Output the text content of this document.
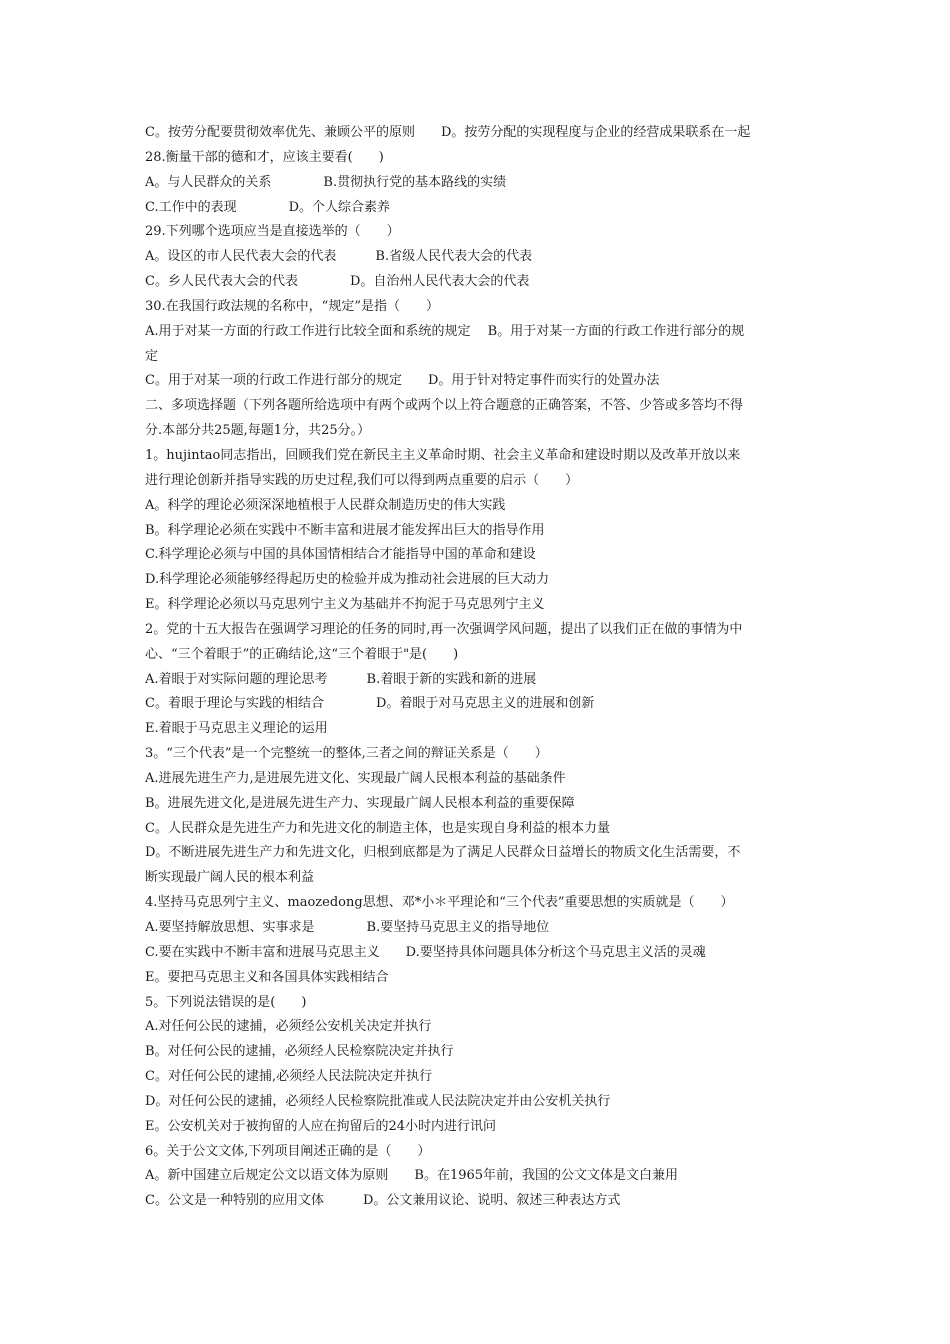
C。按劳分配要贯彻效率优先、兼顾公平的原则　　D。按劳分配的实现程度与企业的经营成果联系在一起
28.衡量干部的德和才，应该主要看(　　)
A。与人民群众的关系　　　　B.贯彻执行党的基本路线的实绩
C.工作中的表现　　　　D。个人综合素养
29.下列哪个选项应当是直接选举的（　　）
A。设区的市人民代表大会的代表　　　B.省级人民代表大会的代表
C。乡人民代表大会的代表　　　　D。自治州人民代表大会的代表
30.在我国行政法规的名称中，“规定”是指（　　）
A.用于对某一方面的行政工作进行比较全面和系统的规定　 B。用于对某一方面的行政工作进行部分的规
定
C。用于对某一项的行政工作进行部分的规定　　D。用于针对特定事件而实行的处置办法
二、多项选择题（下列各题所给选项中有两个或两个以上符合题意的正确答案，不答、少答或多答均不得
分.本部分共25题,每题1分，共25分。）
1。hujintao同志指出，回顾我们党在新民主主义革命时期、社会主义革命和建设时期以及改革开放以来
进行理论创新并指导实践的历史过程,我们可以得到两点重要的启示（　　）
A。科学的理论必须深深地植根于人民群众制造历史的伟大实践
B。科学理论必须在实践中不断丰富和进展才能发挥出巨大的指导作用
C.科学理论必须与中国的具体国情相结合才能指导中国的革命和建设
D.科学理论必须能够经得起历史的检验并成为推动社会进展的巨大动力
E。科学理论必须以马克思列宁主义为基础并不拘泥于马克思列宁主义
2。党的十五大报告在强调学习理论的任务的同时,再一次强调学风问题，提出了以我们正在做的事情为中
心、“三个着眼于”的正确结论,这“三个着眼于"是(　　)
A.着眼于对实际问题的理论思考　　　B.着眼于新的实践和新的进展
C。着眼于理论与实践的相结合　　　　D。着眼于对马克思主义的进展和创新
E.着眼于马克思主义理论的运用
3。“三个代表”是一个完整统一的整体,三者之间的辩证关系是（　　）
A.进展先进生产力,是进展先进文化、实现最广阔人民根本利益的基础条件
B。进展先进文化,是进展先进生产力、实现最广阔人民根本利益的重要保障
C。人民群众是先进生产力和先进文化的制造主体，也是实现自身利益的根本力量
D。不断进展先进生产力和先进文化，归根到底都是为了满足人民群众日益增长的物质文化生活需要，不
断实现最广阔人民的根本利益
4.坚持马克思列宁主义、maozedong思想、邓*小＊平理论和“三个代表”重要思想的实质就是（　　）
A.要坚持解放思想、实事求是　　　　B.要坚持马克思主义的指导地位
C.要在实践中不断丰富和进展马克思主义　　D.要坚持具体问题具体分析这个马克思主义活的灵魂
E。要把马克思主义和各国具体实践相结合
5。下列说法错误的是(　　)
A.对任何公民的逮捕，必须经公安机关决定并执行
B。对任何公民的逮捕，必须经人民检察院决定并执行
C。对任何公民的逮捕,必须经人民法院决定并执行
D。对任何公民的逮捕，必须经人民检察院批准或人民法院决定并由公安机关执行
E。公安机关对于被拘留的人应在拘留后的24小时内进行讯问
6。关于公文文体,下列项目阐述正确的是（　　）
A。新中国建立后规定公文以语文体为原则　　B。在1965年前，我国的公文文体是文白兼用
C。公文是一种特别的应用文体　　　D。公文兼用议论、说明、叙述三种表达方式
